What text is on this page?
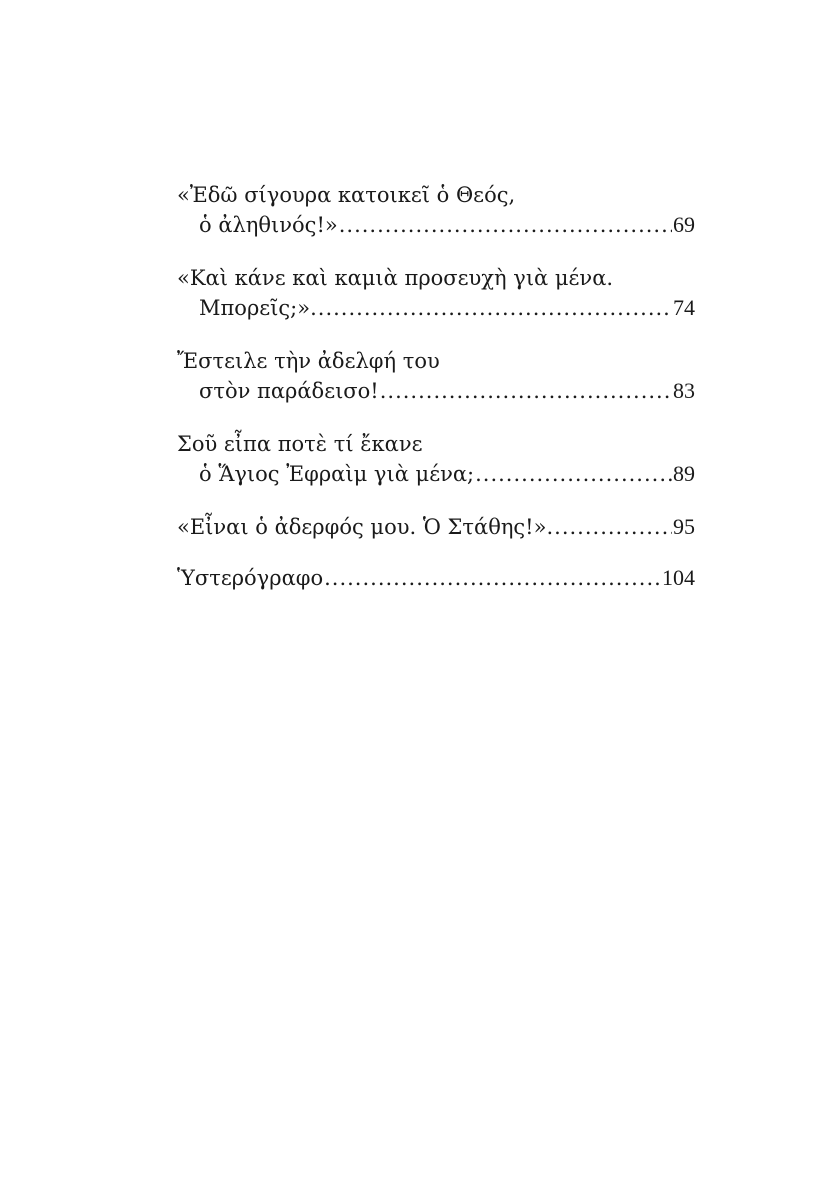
«Ἐδῶ σίγουρα κατοικεῖ ὁ Θεός,
ὁ ἀληθινός!» .....	69
«Καὶ κάνε καὶ καμιὰ προσευχὴ γιὰ μένα.
Μπορεῖς;». .....	74
Ἔστειλε τὴν ἀδελφή του
στὸν παράδεισο! .....	83
Σοῦ εἶπα ποτὲ τί ἔκανε
ὁ Ἅγιος Ἐφραὶμ γιὰ μένα; .....	89
«Εἶναι ὁ ἀδερφός μου. Ὁ Στάθης!». .....	95
Ὑστερόγραφο .....	104
